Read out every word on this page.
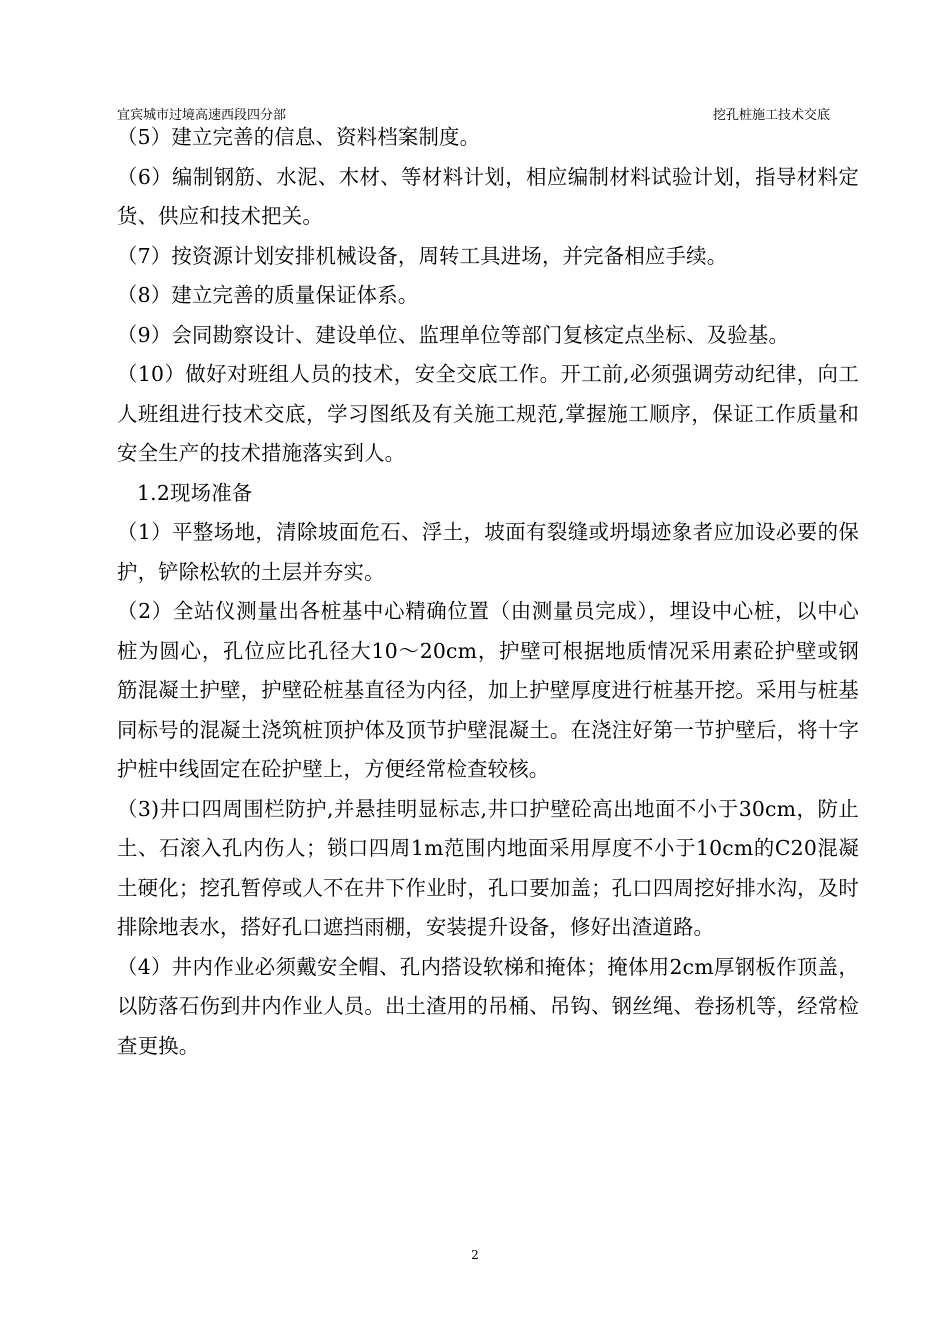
宜宾城市过境高速西段四分部	挖孔桩施工技术交底

（5）建立完善的信息、资料档案制度。

（6）编制钢筋、水泥、木材、等材料计划，相应编制材料试验计划，指导材料定货、供应和技术把关。

（7）按资源计划安排机械设备，周转工具进场，并完备相应手续。

（8）建立完善的质量保证体系。

（9）会同勘察设计、建设单位、监理单位等部门复核定点坐标、及验基。

（10）做好对班组人员的技术，安全交底工作。开工前,必须强调劳动纪律，向工人班组进行技术交底，学习图纸及有关施工规范,掌握施工顺序，保证工作质量和安全生产的技术措施落实到人。

1.2现场准备

（1）平整场地，清除坡面危石、浮土，坡面有裂缝或坍塌迹象者应加设必要的保护，铲除松软的土层并夯实。

（2）全站仪测量出各桩基中心精确位置（由测量员完成），埋设中心桩，以中心桩为圆心，孔位应比孔径大10～20cm，护壁可根据地质情况采用素砼护壁或钢筋混凝土护壁，护壁砼桩基直径为内径，加上护壁厚度进行桩基开挖。采用与桩基同标号的混凝土浇筑桩顶护体及顶节护壁混凝土。在浇注好第一节护壁后，将十字护桩中线固定在砼护壁上，方便经常检查较核。

（3)井口四周围栏防护,并悬挂明显标志,井口护壁砼高出地面不小于30cm，防止土、石滚入孔内伤人；锁口四周1m范围内地面采用厚度不小于10cm的C20混凝土硬化；挖孔暂停或人不在井下作业时，孔口要加盖；孔口四周挖好排水沟，及时排除地表水，搭好孔口遮挡雨棚，安装提升设备，修好出渣道路。

（4）井内作业必须戴安全帽、孔内搭设软梯和掩体；掩体用2cm厚钢板作顶盖，以防落石伤到井内作业人员。出土渣用的吊桶、吊钩、钢丝绳、卷扬机等，经常检查更换。

2
